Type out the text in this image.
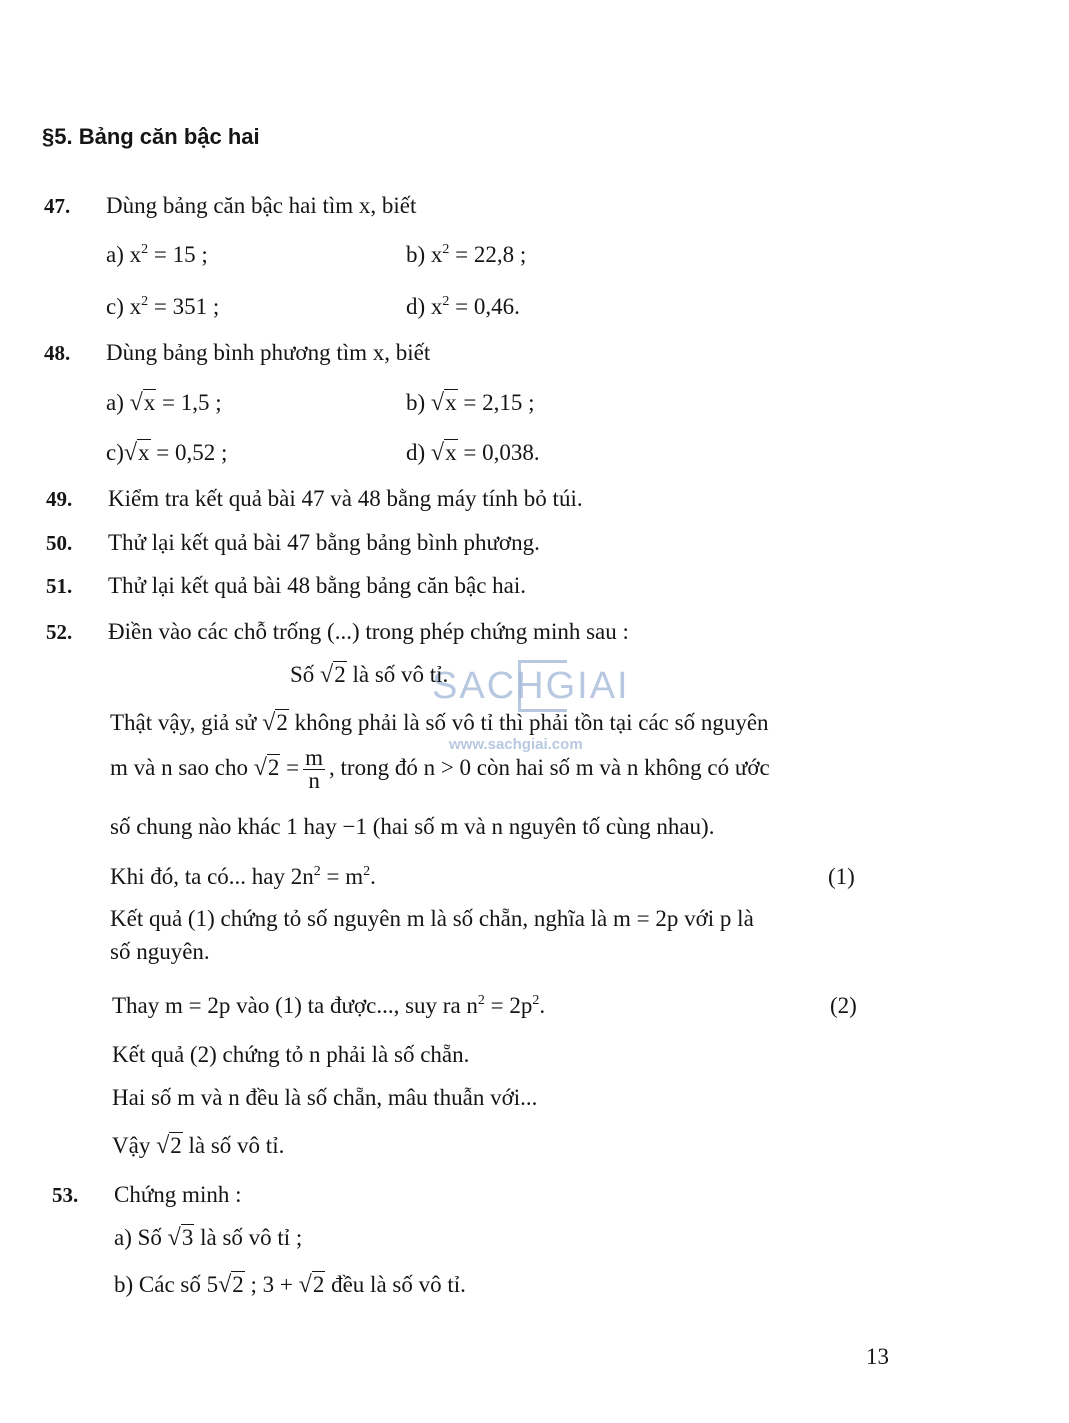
SACHGIAI
www.sachgiai.com
§5. Bảng căn bậc hai
47. Dùng bảng căn bậc hai tìm x, biết
a) $x^2 = 15$ ;	b) $x^2 = 22,8$ ;
c) $x^2 = 351$ ;	d) $x^2 = 0,46$.
48. Dùng bảng bình phương tìm x, biết
a) √x = 1,5 ;	b) √x = 2,15 ;
c)√x = 0,52 ;	d) √x = 0,038.
49. Kiểm tra kết quả bài 47 và 48 bằng máy tính bỏ túi.
50. Thử lại kết quả bài 47 bằng bảng bình phương.
51. Thử lại kết quả bài 48 bằng bảng căn bậc hai.
52. Điền vào các chỗ trống (...) trong phép chứng minh sau :
Số √2 là số vô tỉ.
Thật vậy, giả sử √2 không phải là số vô tỉ thì phải tồn tại các số nguyên
m và n sao cho $√2 = \frac{m}{n}$ , trong đó n > 0 còn hai số m và n không có ước
số chung nào khác 1 hay −1 (hai số m và n nguyên tố cùng nhau).
Khi đó, ta có... hay $2n^2 = m^2$.	(1)
Kết quả (1) chứng tỏ số nguyên m là số chẵn, nghĩa là m = 2p với p là
số nguyên.
Thay m = 2p vào (1) ta được..., suy ra $n^2 = 2p^2$.	(2)
Kết quả (2) chứng tỏ n phải là số chẵn.
Hai số m và n đều là số chẵn, mâu thuẫn với...
Vậy √2 là số vô tỉ.
53. Chứng minh :
a) Số √3 là số vô tỉ ;
b) Các số 5√2 ; 3 + √2 đều là số vô tỉ.
13
